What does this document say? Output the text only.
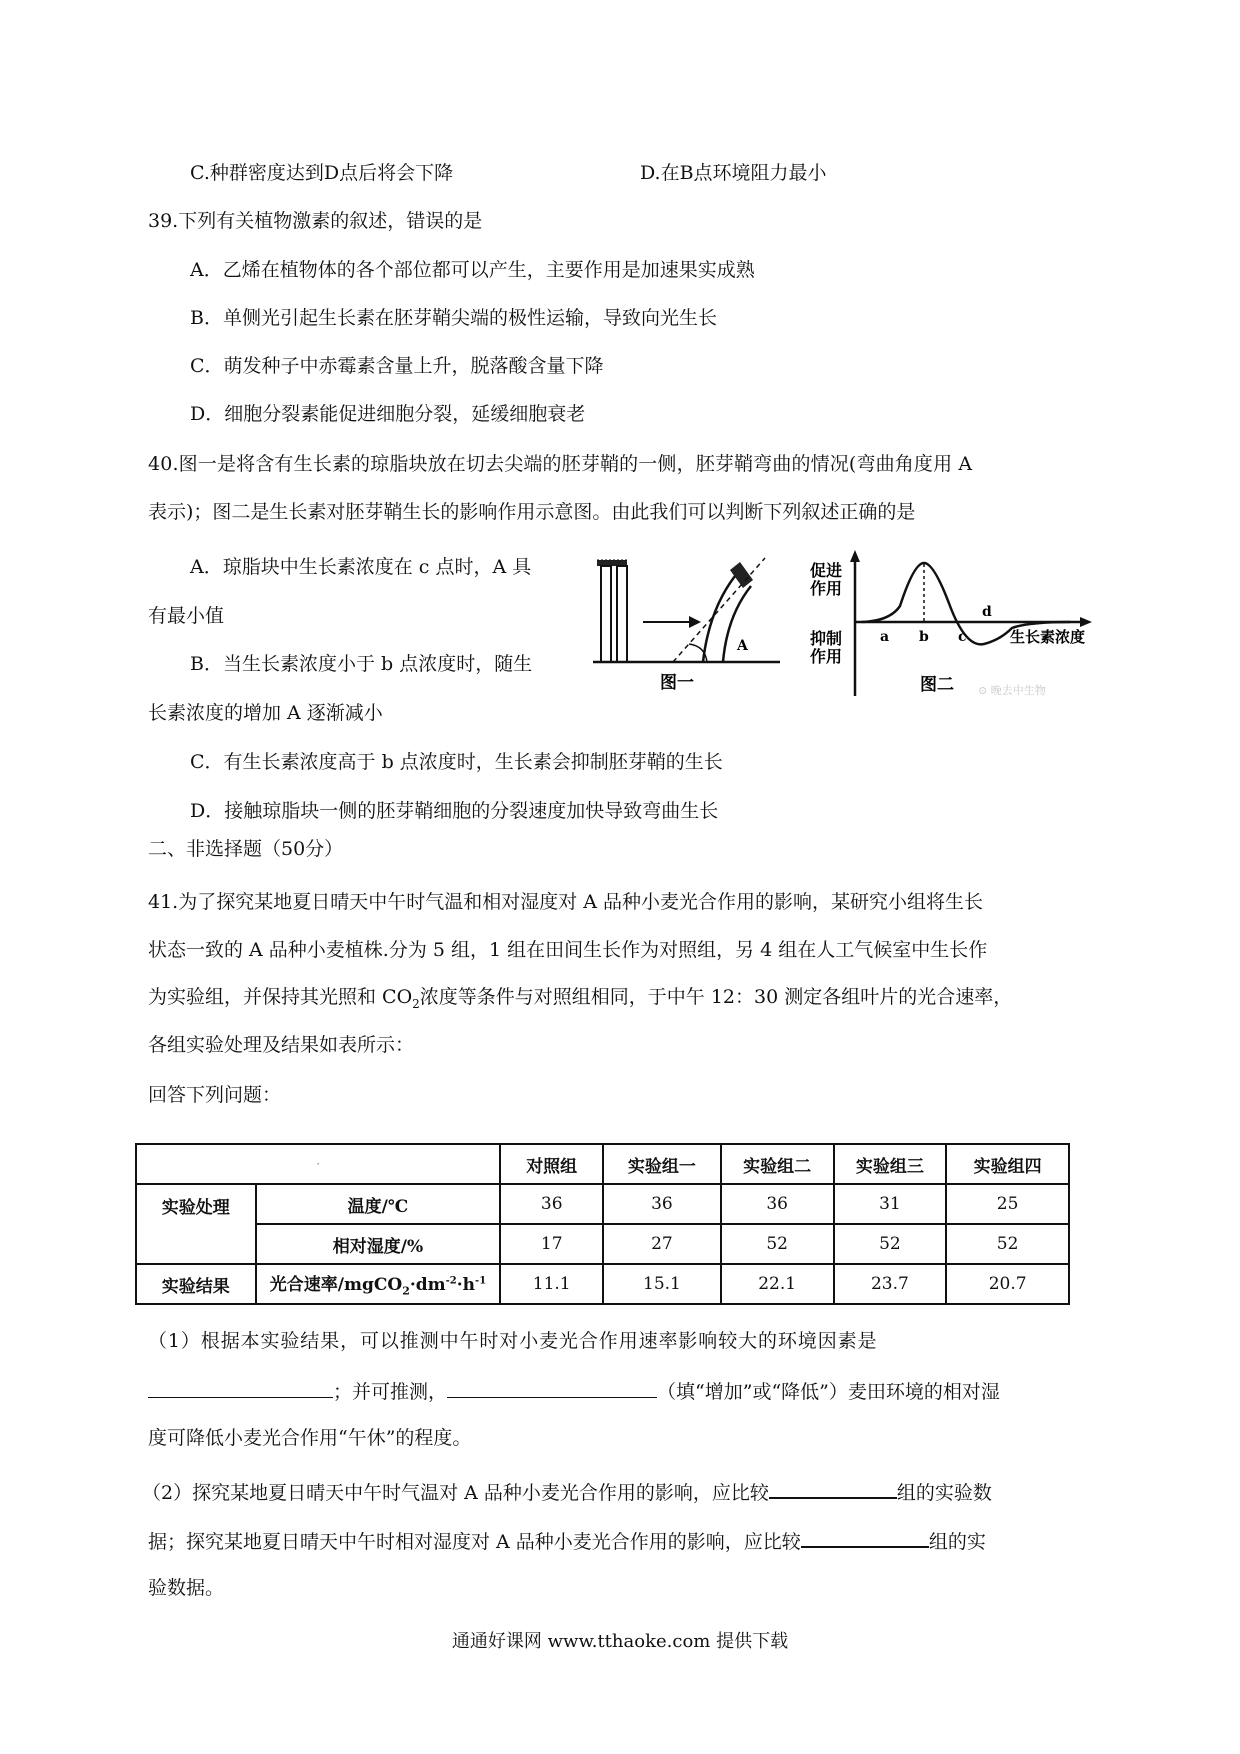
C.种群密度达到D点后将会下降	D.在B点环境阻力最小
39.下列有关植物激素的叙述，错误的是
A．乙烯在植物体的各个部位都可以产生，主要作用是加速果实成熟
B．单侧光引起生长素在胚芽鞘尖端的极性运输，导致向光生长
C．萌发种子中赤霉素含量上升，脱落酸含量下降
D．细胞分裂素能促进细胞分裂，延缓细胞衰老
40.图一是将含有生长素的琼脂块放在切去尖端的胚芽鞘的一侧，胚芽鞘弯曲的情况(弯曲角度用 A
表示)；图二是生长素对胚芽鞘生长的影响作用示意图。由此我们可以判断下列叙述正确的是
A．琼脂块中生长素浓度在 c 点时，A 具
有最小值
B．当生长素浓度小于 b 点浓度时，随生
长素浓度的增加 A 逐渐减小
C．有生长素浓度高于 b 点浓度时，生长素会抑制胚芽鞘的生长
D．接触琼脂块一侧的胚芽鞘细胞的分裂速度加快导致弯曲生长
A
图一
促进
作用
抑制
作用
a b c
d
生长素浓度
图二 ⊙ 晚去中生物
二、非选择题（50分）
41.为了探究某地夏日晴天中午时气温和相对湿度对 A 品种小麦光合作用的影响，某研究小组将生长
状态一致的 A 品种小麦植株.分为 5 组，1 组在田间生长作为对照组，另 4 组在人工气候室中生长作
为实验组，并保持其光照和 $CO_2$浓度等条件与对照组相同，于中午 12：30 测定各组叶片的光合速率，
各组实验处理及结果如表所示：
回答下列问题：
·		对照组	实验组一	实验组二	实验组三	实验组四
实验处理	温度/℃	36	36	36	31	25
	相对湿度/%	17	27	52	52	52
实验结果	光合速率$/mgCO_2\cdot dm^{-2}\cdot h^{-1}$	11.1	15.1	22.1	23.7	20.7
（1）根据本实验结果，可以推测中午时对小麦光合作用速率影响较大的环境因素是
；并可推测，	（填“增加”或“降低”）麦田环境的相对湿
度可降低小麦光合作用“午休”的程度。
（2）探究某地夏日晴天中午时气温对 A 品种小麦光合作用的影响，应比较	组的实验数
据；探究某地夏日晴天中午时相对湿度对 A 品种小麦光合作用的影响，应比较	组的实
验数据。
通通好课网 www.tthaoke.com 提供下载
